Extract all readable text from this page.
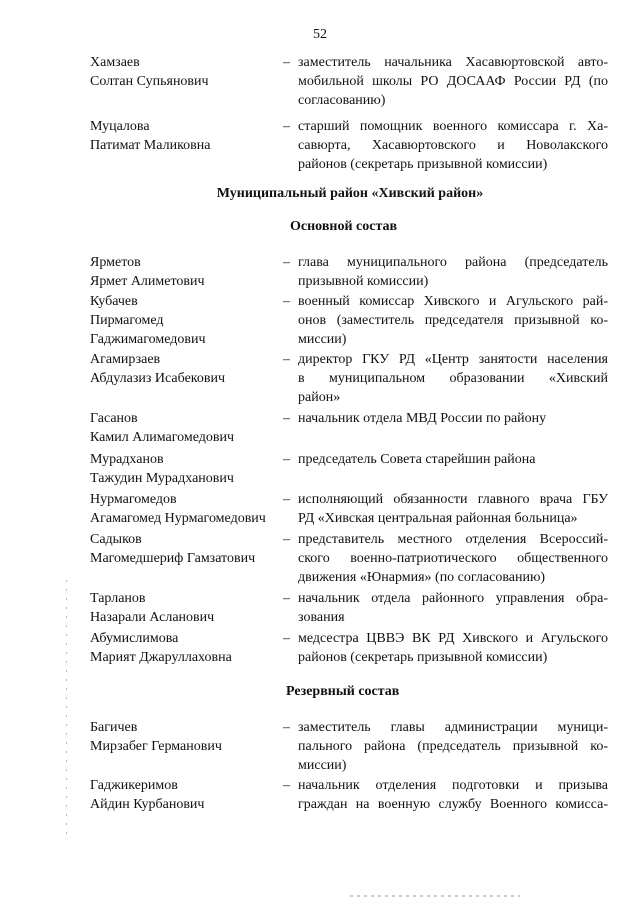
52
Хамзаев
Солтан Супьянович
– заместитель начальника Хасавюртовской авто-
мобильной школы РО ДОСААФ России РД (по
согласованию)
Муцалова
Патимат Маликовна
– старший помощник военного комиссара г. Ха-
савюрта, Хасавюртовского и Новолакского
районов (секретарь призывной комиссии)
Муниципальный район «Хивский район»
Основной состав
Ярметов
Ярмет Алиметович
– глава муниципального района (председатель
призывной комиссии)
Кубачев
Пирмагомед
Гаджимагомедович
– военный комиссар Хивского и Агульского рай-
онов (заместитель председателя призывной ко-
миссии)
Агамирзаев
Абдулазиз Исабекович
– директор ГКУ РД «Центр занятости населения
в муниципальном образовании «Хивский
район»
Гасанов
Камил Алимагомедович
– начальник отдела МВД России по району
Мурадханов
Тажудин Мурадханович
– председатель Совета старейшин района
Нурмагомедов
Агамагомед Нурмагомедович
– исполняющий обязанности главного врача ГБУ
РД «Хивская центральная районная больница»
Садыков
Магомедшериф Гамзатович
– представитель местного отделения Всероссий-
ского военно-патриотического общественного
движения «Юнармия» (по согласованию)
Тарланов
Назарали Асланович
– начальник отдела районного управления обра-
зования
Абумислимова
Марият Джаруллаховна
– медсестра ЦВВЭ ВК РД Хивского и Агульского
районов (секретарь призывной комиссии)
Резервный состав
Багичев
Мирзабег Германович
– заместитель главы администрации муници-
пального района (председатель призывной ко-
миссии)
Гаджикеримов
Айдин Курбанович
– начальник отделения подготовки и призыва
граждан на военную службу Военного комисса-
